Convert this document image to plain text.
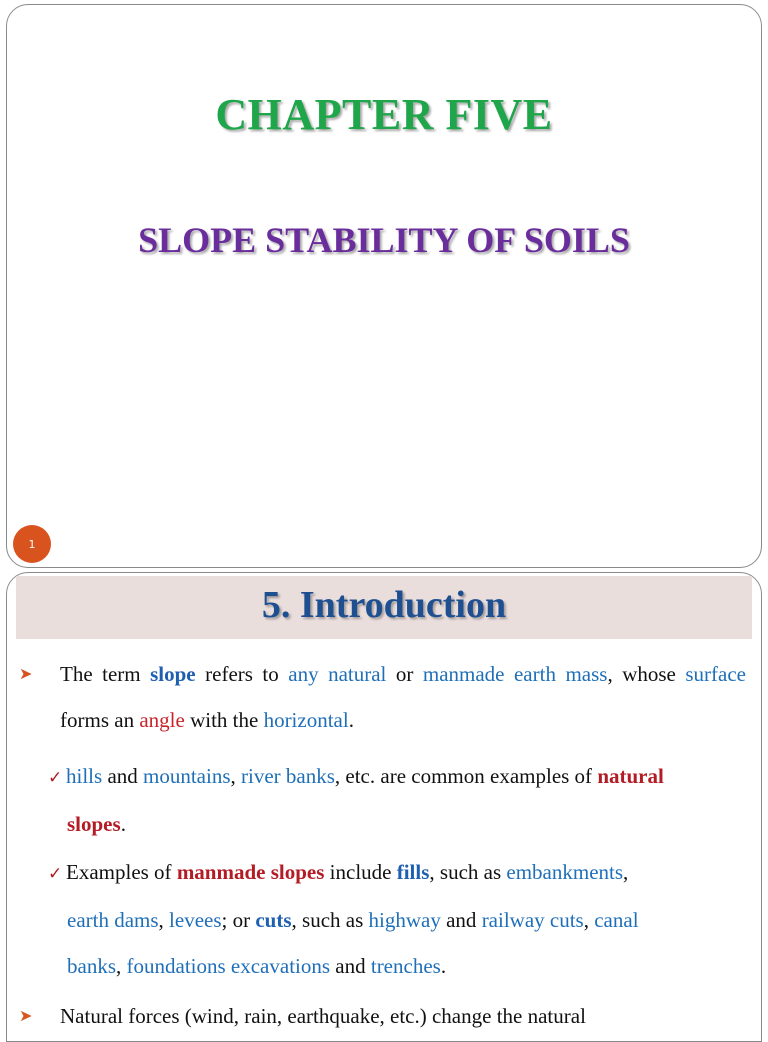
CHAPTER FIVE
SLOPE STABILITY OF SOILS
1
5. Introduction
➤ The term slope refers to any natural or manmade earth mass, whose surface forms an angle with the horizontal.
✓ hills and mountains, river banks, etc. are common examples of natural
slopes.
✓ Examples of manmade slopes include fills, such as embankments,
earth dams, levees; or cuts, such as highway and railway cuts, canal
banks, foundations excavations and trenches.
➤ Natural forces (wind, rain, earthquake, etc.) change the natural
